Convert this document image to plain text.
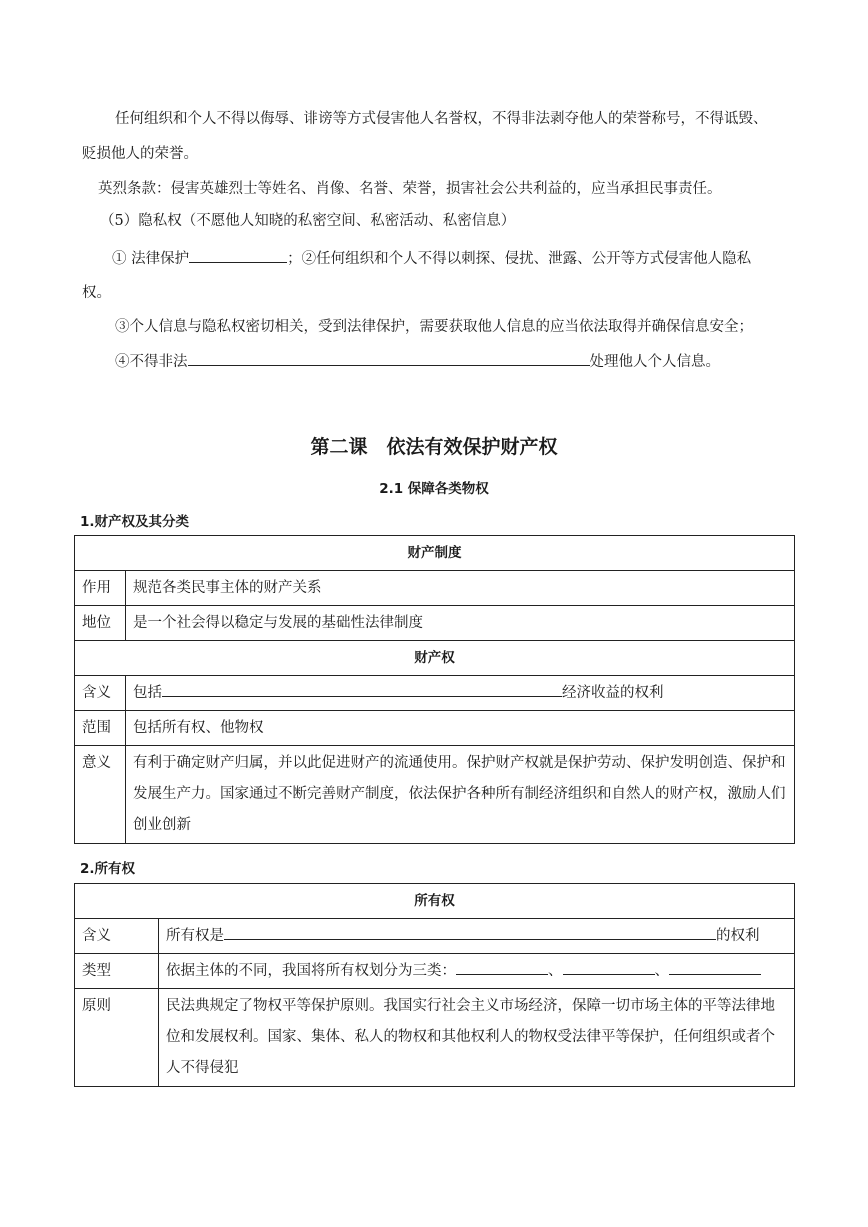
任何组织和个人不得以侮辱、诽谤等方式侵害他人名誉权，不得非法剥夺他人的荣誉称号，不得诋毁、
贬损他人的荣誉。
英烈条款：侵害英雄烈士等姓名、肖像、名誉、荣誉，损害社会公共利益的，应当承担民事责任。
（5）隐私权（不愿他人知晓的私密空间、私密活动、私密信息）
① 法律保护	；②任何组织和个人不得以刺探、侵扰、泄露、公开等方式侵害他人隐私
权。
③个人信息与隐私权密切相关，受到法律保护，需要获取他人信息的应当依法取得并确保信息安全；
④不得非法	处理他人个人信息。
第二课　依法有效保护财产权
2.1 保障各类物权
1.财产权及其分类
财产制度	
作用	规范各类民事主体的财产关系
地位	是一个社会得以稳定与发展的基础性法律制度
财产权	
含义	包括 经济收益的权利
范围	包括所有权、他物权
意义	有利于确定财产归属，并以此促进财产的流通使用。保护财产权就是保护劳动、保护发明创造、保护和发展生产力。国家通过不断完善财产制度，依法保护各种所有制经济组织和自然人的财产权，激励人们创业创新
2.所有权
所有权	
含义	所有权是 的权利
类型	依据主体的不同，我国将所有权划分为三类： 、 、
原则	民法典规定了物权平等保护原则。我国实行社会主义市场经济，保障一切市场主体的平等法律地位和发展权利。国家、集体、私人的物权和其他权利人的物权受法律平等保护，任何组织或者个人不得侵犯
